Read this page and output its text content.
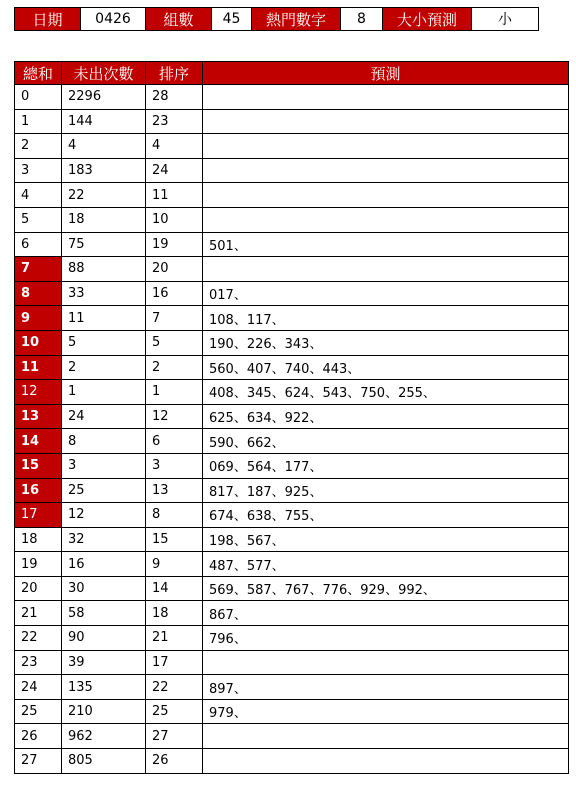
日期	0426	組數	45	熱門數字	8	大小預測	小
總和	未出次數	排序	預測
0	2296	28	
1	144	23	
2	4	4	
3	183	24	
4	22	11	
5	18	10	
6	75	19	501、
7	88	20	
8	33	16	017、
9	11	7	108、117、
10	5	5	190、226、343、
11	2	2	560、407、740、443、
12	1	1	408、345、624、543、750、255、
13	24	12	625、634、922、
14	8	6	590、662、
15	3	3	069、564、177、
16	25	13	817、187、925、
17	12	8	674、638、755、
18	32	15	198、567、
19	16	9	487、577、
20	30	14	569、587、767、776、929、992、
21	58	18	867、
22	90	21	796、
23	39	17	
24	135	22	897、
25	210	25	979、
26	962	27	
27	805	26	
